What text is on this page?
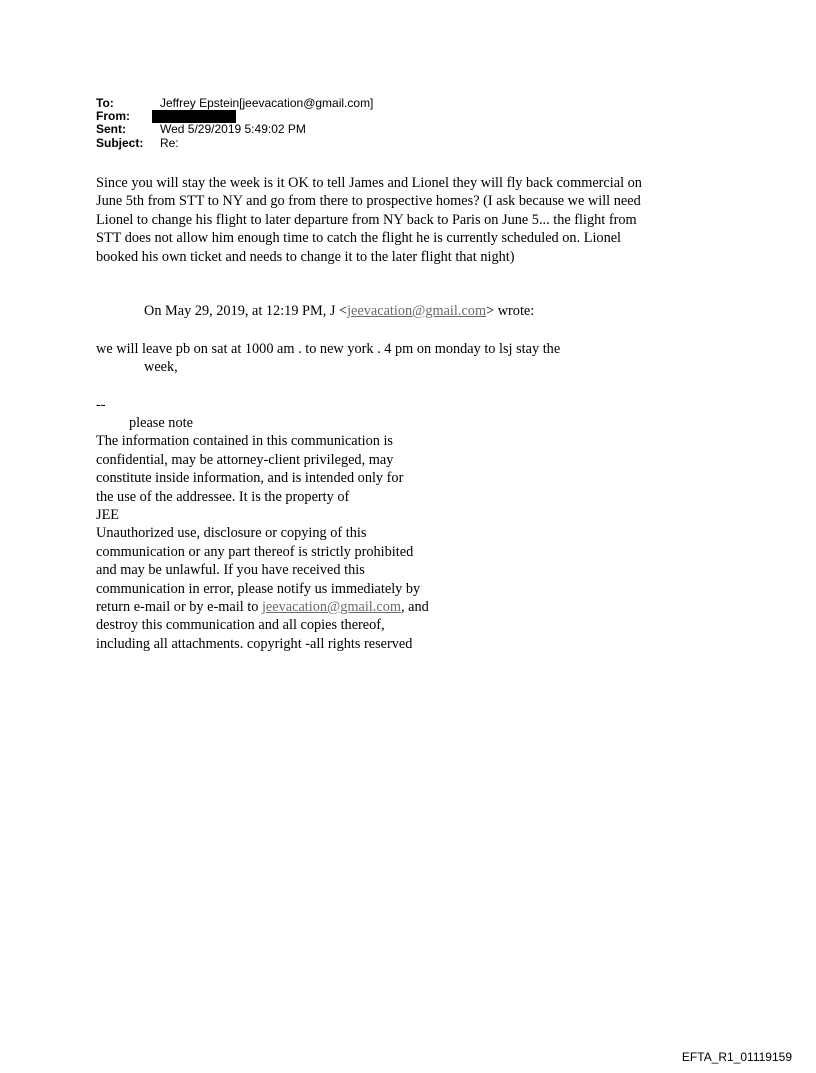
To:	Jeffrey Epstein[jeevacation@gmail.com]
From:
Sent:	Wed 5/29/2019 5:49:02 PM
Subject: Re:
Since you will stay the week is it OK to tell James and Lionel they will fly back commercial on
June 5th from STT to NY and go from there to prospective homes? (I ask because we will need
Lionel to change his flight to later departure from NY back to Paris on June 5... the flight from
STT does not allow him enough time to catch the flight he is currently scheduled on. Lionel
booked his own ticket and needs to change it to the later flight that night)
On May 29, 2019, at 12:19 PM, J <jeevacation@gmail.com> wrote:
we will leave pb on sat at 1000 am . to new york . 4 pm on monday to lsj stay the
week,
--
please note
The information contained in this communication is
confidential, may be attorney-client privileged, may
constitute inside information, and is intended only for
the use of the addressee. It is the property of
JEE
Unauthorized use, disclosure or copying of this
communication or any part thereof is strictly prohibited
and may be unlawful. If you have received this
communication in error, please notify us immediately by
return e-mail or by e-mail to jeevacation@gmail.com, and
destroy this communication and all copies thereof,
including all attachments. copyright -all rights reserved
EFTA_R1_01119159
